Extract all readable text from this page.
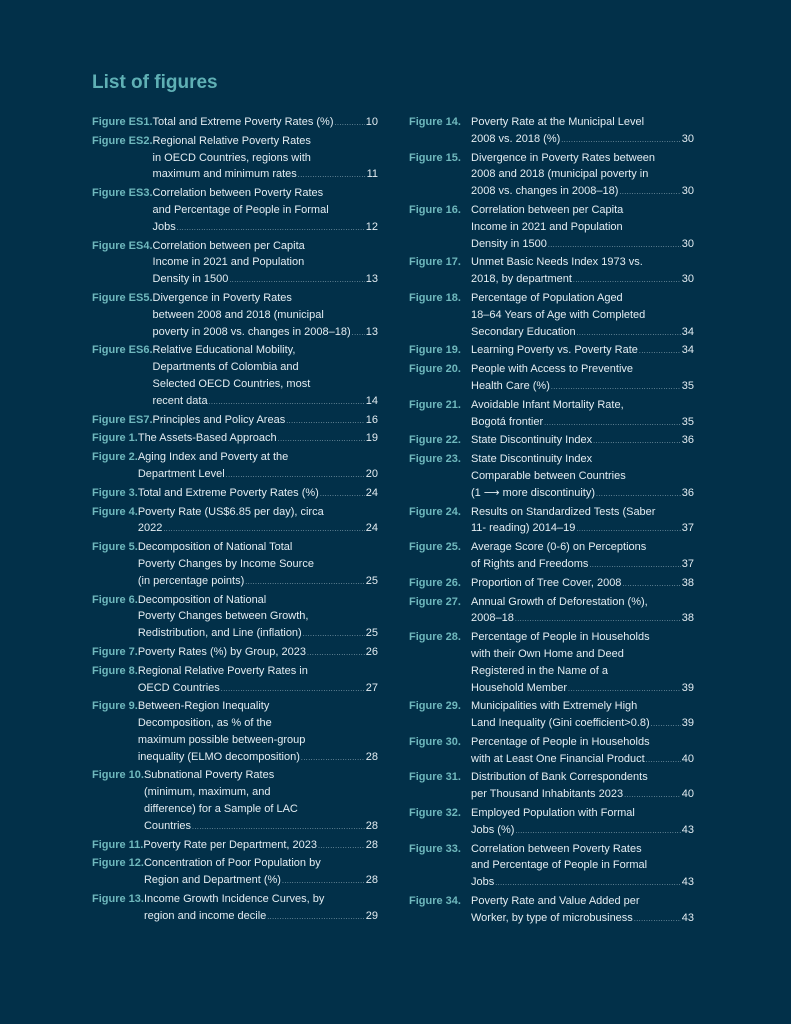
List of figures
Figure ES1. Total and Extreme Poverty Rates (%) .....	10
Figure ES2. Regional Relative Poverty Rates
in OECD Countries, regions with
maximum and minimum rates .....	11
Figure ES3. Correlation between Poverty Rates
and Percentage of People in Formal
Jobs .....	12
Figure ES4. Correlation between per Capita
Income in 2021 and Population
Density in 1500 .....	13
Figure ES5. Divergence in Poverty Rates
between 2008 and 2018 (municipal
poverty in 2008 vs. changes in 2008–18) ..... 13
Figure ES6. Relative Educational Mobility,
Departments of Colombia and
Selected OECD Countries, most
recent data .....	14
Figure ES7. Principles and Policy Areas .....	16
Figure 1. The Assets-Based Approach .....	19
Figure 2. Aging Index and Poverty at the
Department Level .....	20
Figure 3. Total and Extreme Poverty Rates (%) .....	24
Figure 4. Poverty Rate (US$6.85 per day), circa
2022 .....	24
Figure 5. Decomposition of National Total
Poverty Changes by Income Source
(in percentage points) .....	25
Figure 6. Decomposition of National
Poverty Changes between Growth,
Redistribution, and Line (inflation) .....	25
Figure 7. Poverty Rates (%) by Group, 2023 .....	26
Figure 8. Regional Relative Poverty Rates in
OECD Countries .....	27
Figure 9. Between-Region Inequality
Decomposition, as % of the
maximum possible between-group
inequality (ELMO decomposition) .....	28
Figure 10. Subnational Poverty Rates
(minimum, maximum, and
difference) for a Sample of LAC
Countries .....	28
Figure 11. Poverty Rate per Department, 2023 .....	28
Figure 12. Concentration of Poor Population by
Region and Department (%) .....	28
Figure 13. Income Growth Incidence Curves, by
region and income decile .....	29
Figure 14. Poverty Rate at the Municipal Level
2008 vs. 2018 (%) .....	30
Figure 15. Divergence in Poverty Rates between
2008 and 2018 (municipal poverty in
2008 vs. changes in 2008–18) .....	30
Figure 16. Correlation between per Capita
Income in 2021 and Population
Density in 1500 .....	30
Figure 17. Unmet Basic Needs Index 1973 vs.
2018, by department .....	30
Figure 18. Percentage of Population Aged
18–64 Years of Age with Completed
Secondary Education .....	34
Figure 19. Learning Poverty vs. Poverty Rate .....	34
Figure 20. People with Access to Preventive
Health Care (%) .....	35
Figure 21. Avoidable Infant Mortality Rate,
Bogotá frontier .....	35
Figure 22. State Discontinuity Index .....	36
Figure 23. State Discontinuity Index
Comparable between Countries
(1 ⟶ more discontinuity) .....	36
Figure 24. Results on Standardized Tests (Saber
11- reading) 2014–19 .....	37
Figure 25. Average Score (0-6) on Perceptions
of Rights and Freedoms .....	37
Figure 26. Proportion of Tree Cover, 2008 .....	38
Figure 27. Annual Growth of Deforestation (%),
2008–18 .....	38
Figure 28. Percentage of People in Households
with their Own Home and Deed
Registered in the Name of a
Household Member .....	39
Figure 29. Municipalities with Extremely High
Land Inequality (Gini coefficient>0.8) .....	39
Figure 30. Percentage of People in Households
with at Least One Financial Product .....	40
Figure 31. Distribution of Bank Correspondents
per Thousand Inhabitants 2023 .....	40
Figure 32. Employed Population with Formal
Jobs (%) .....	43
Figure 33. Correlation between Poverty Rates
and Percentage of People in Formal
Jobs .....	43
Figure 34. Poverty Rate and Value Added per
Worker, by type of microbusiness .....	43
